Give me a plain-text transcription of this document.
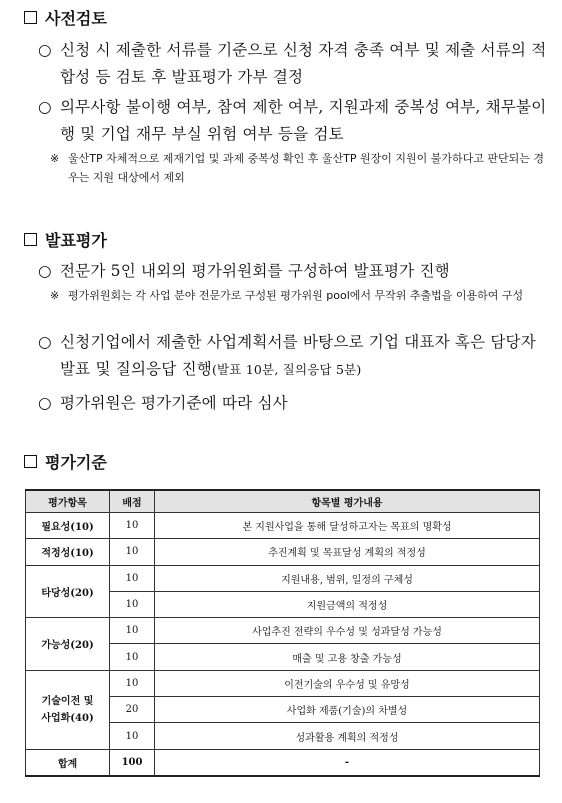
사전검토
○ 신청 시 제출한 서류를 기준으로 신청 자격 충족 여부 및 제출 서류의 적합성 등 검토 후 발표평가 가부 결정
○ 의무사항 불이행 여부, 참여 제한 여부, 지원과제 중복성 여부, 채무불이행 및 기업 재무 부실 위험 여부 등을 검토
※ 울산TP 자체적으로 제재기업 및 과제 중복성 확인 후 울산TP 원장이 지원이 불가하다고 판단되는 경우는 지원 대상에서 제외
발표평가
○ 전문가 5인 내외의 평가위원회를 구성하여 발표평가 진행
※ 평가위원회는 각 사업 분야 전문가로 구성된 평가위원 pool에서 무작위 추출법을 이용하여 구성
○ 신청기업에서 제출한 사업계획서를 바탕으로 기업 대표자 혹은 담당자 발표 및 질의응답 진행(발표 10분, 질의응답 5분)
○ 평가위원은 평가기준에 따라 심사
평가기준
평가항목	배점	항목별 평가내용
필요성(10)	10	본 지원사업을 통해 달성하고자는 목표의 명확성
적정성(10)	10	추진계획 및 목표달성 계획의 적정성
타당성(20)	10	지원내용, 범위, 일정의 구체성
	10	지원금액의 적정성
가능성(20)	10	사업추진 전략의 우수성 및 성과달성 가능성
	10	매출 및 고용 창출 가능성
기술이전 및
사업화(40)	10	이전기술의 우수성 및 유망성
	20	사업화 제품(기술)의 차별성
	10	성과활용 계획의 적정성
합계	100	-
